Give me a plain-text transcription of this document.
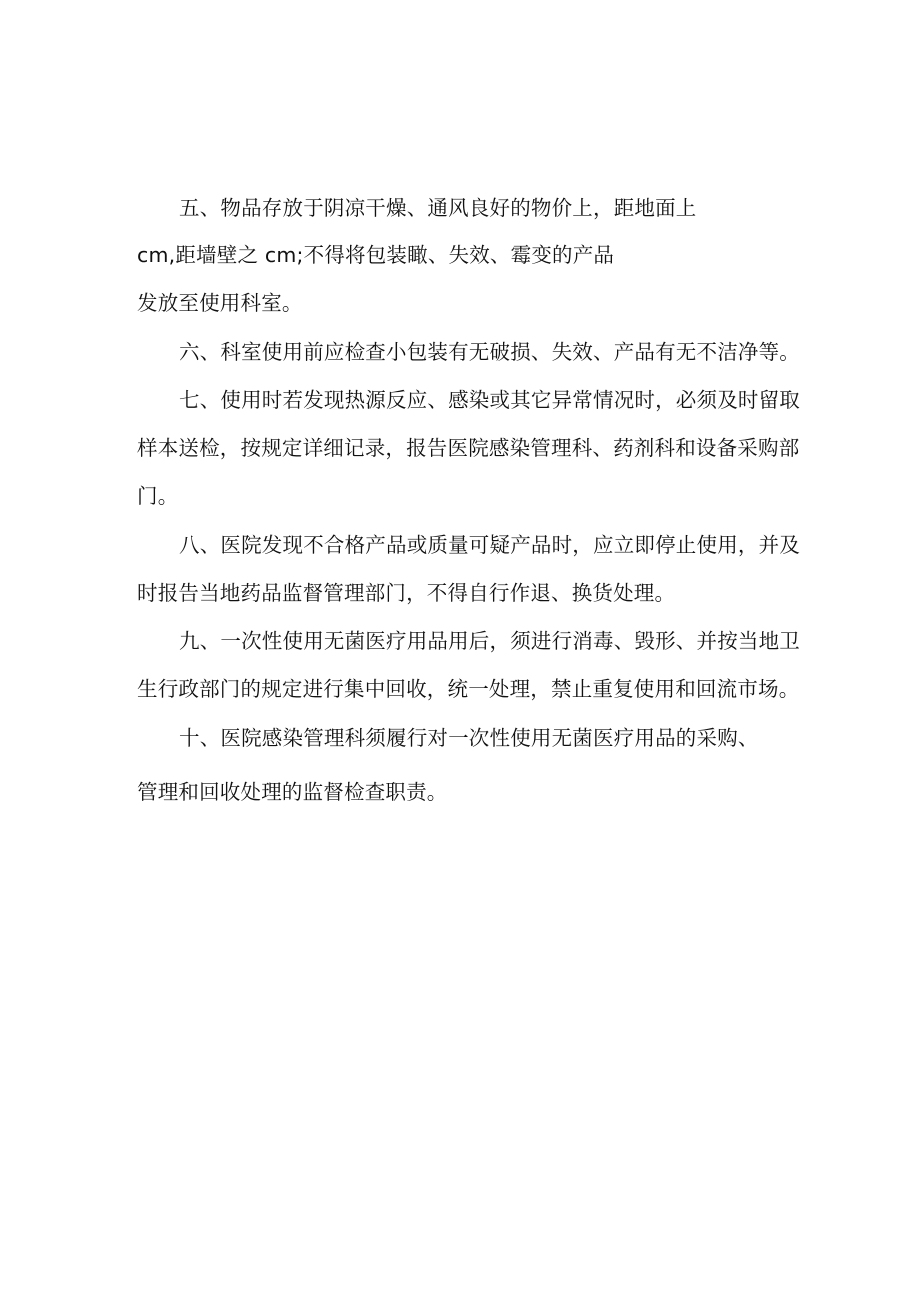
五、物品存放于阴凉干燥、通风良好的物价上，距地面上
cm,距墙壁之 cm;不得将包装瞰、失效、霉变的产品
发放至使用科室。
六、科室使用前应检查小包装有无破损、失效、产品有无不洁净等。
七、使用时若发现热源反应、感染或其它异常情况时，必须及时留取
样本送检，按规定详细记录，报告医院感染管理科、药剂科和设备采购部
门。
八、医院发现不合格产品或质量可疑产品时，应立即停止使用，并及
时报告当地药品监督管理部门，不得自行作退、换货处理。
九、一次性使用无菌医疗用品用后，须进行消毒、毁形、并按当地卫
生行政部门的规定进行集中回收，统一处理，禁止重复使用和回流市场。
十、医院感染管理科须履行对一次性使用无菌医疗用品的采购、
管理和回收处理的监督检查职责。
